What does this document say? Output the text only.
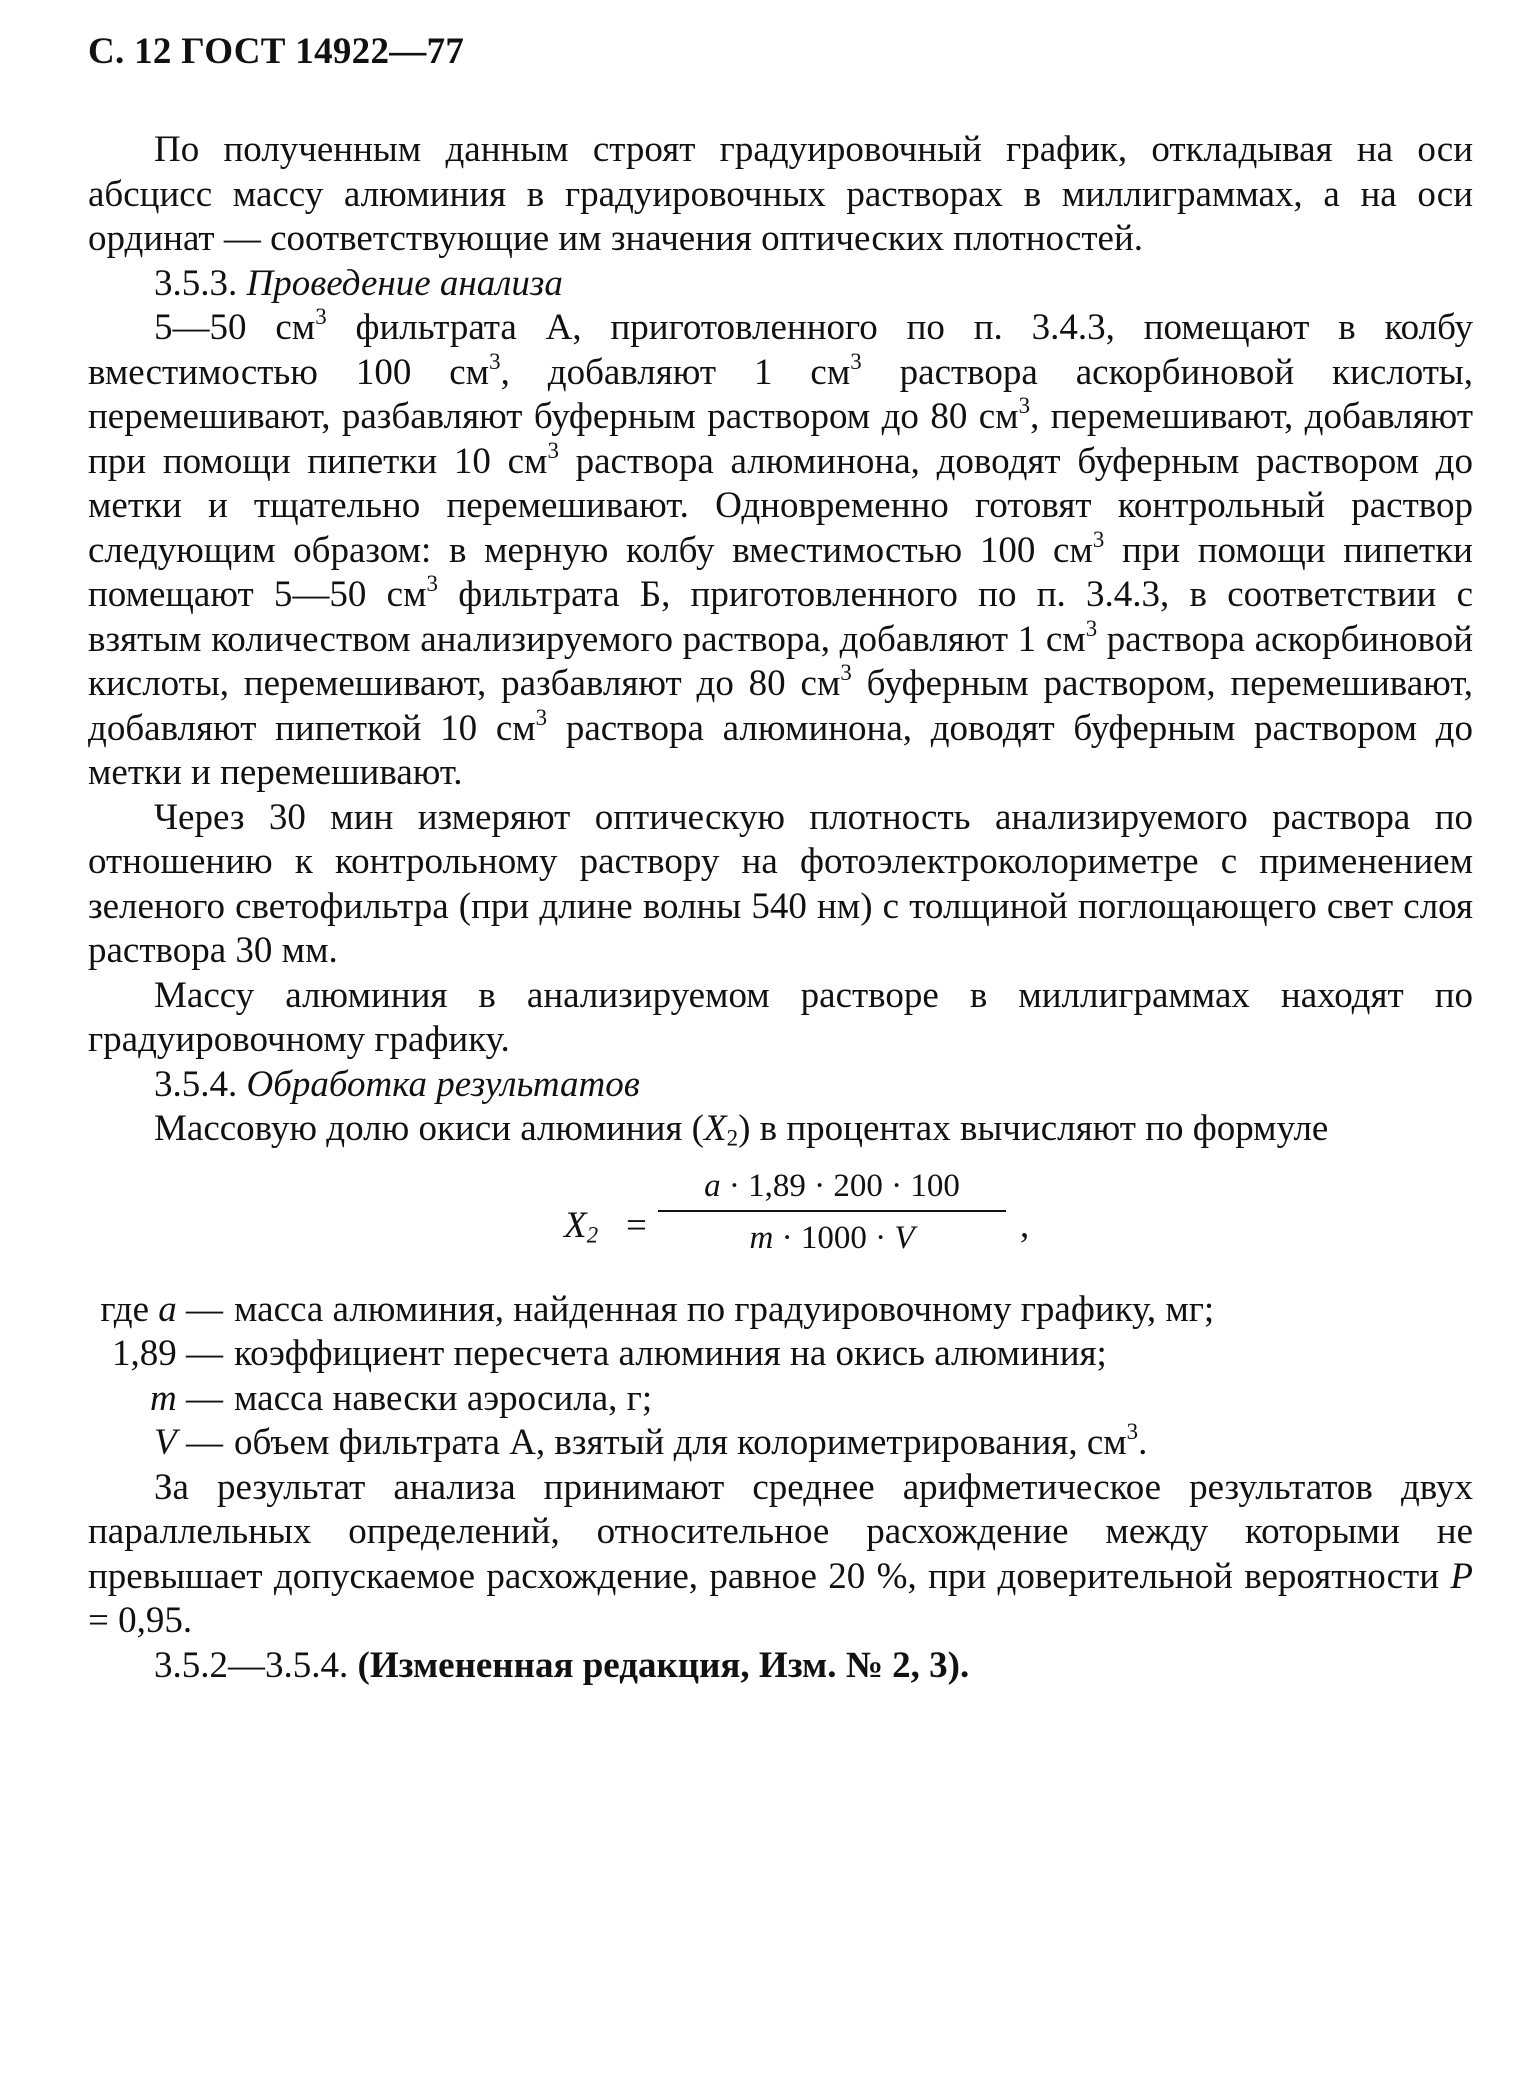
С. 12 ГОСТ 14922—77

По полученным данным строят градуировочный график, откладывая на оси абсцисс массу алюминия в градуировочных растворах в миллиграммах, а на оси ординат — соответствующие им значения оптических плотностей.

3.5.3. Проведение анализа

5—50 $см^3$ фильтрата А, приготовленного по п. 3.4.3, помещают в колбу вместимостью 100 $см^3$, добавляют 1 $см^3$ раствора аскорбиновой кислоты, перемешивают, разбавляют буферным раствором до 80 $см^3$, перемешивают, добавляют при помощи пипетки 10 $см^3$ раствора алюминона, доводят буферным раствором до метки и тщательно перемешивают. Одновременно готовят контрольный раствор следующим образом: в мерную колбу вместимостью 100 $см^3$ при помощи пипетки помещают 5—50 $см^3$ фильтрата Б, приготовленного по п. 3.4.3, в соответствии с взятым количеством анализируемого раствора, добавляют 1 $см^3$ раствора аскорбиновой кислоты, перемешивают, разбавляют до 80 $см^3$ буферным раствором, перемешивают, добавляют пипеткой 10 $см^3$ раствора алюминона, доводят буферным раствором до метки и перемешивают.

Через 30 мин измеряют оптическую плотность анализируемого раствора по отношению к контрольному раствору на фотоэлектроколориметре с применением зеленого светофильтра (при длине волны 540 нм) с толщиной поглощающего свет слоя раствора 30 мм.

Массу алюминия в анализируемом растворе в миллиграммах находят по градуировочному графику.

3.5.4. Обработка результатов

Массовую долю окиси алюминия $(X_2)$ в процентах вычисляют по формуле

$X_2$ =
a · 1,89 · 200 · 100
m · 1000 · V	,
где a — масса алюминия, найденная по градуировочному графику, мг;
1,89 — коэффициент пересчета алюминия на окись алюминия;
m — масса навески аэросила, г;
V — объем фильтрата А, взятый для колориметрирования, $см^3$.

За результат анализа принимают среднее арифметическое результатов двух параллельных определений, относительное расхождение между которыми не превышает допускаемое расхождение, равное 20 %, при доверительной вероятности P = 0,95.

3.5.2—3.5.4. (Измененная редакция, Изм. № 2, 3).
